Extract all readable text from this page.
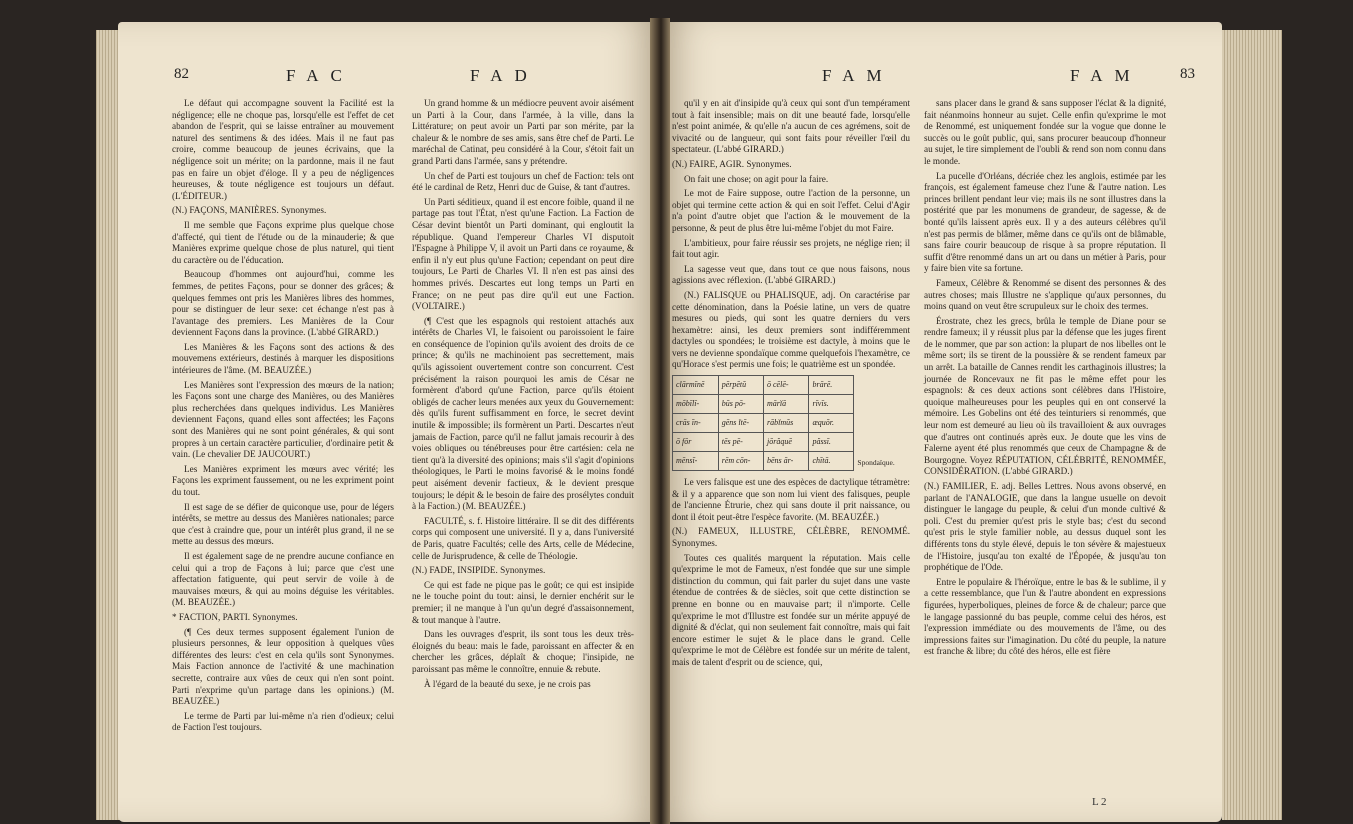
82	FAC	FAD

Le défaut qui accompagne souvent la Facilité est la négligence; elle ne choque pas, lorsqu'elle est l'effet de cet abandon de l'esprit, qui se laisse entraîner au mouvement naturel des sentimens & des idées. Mais il ne faut pas croire, comme beaucoup de jeunes écrivains, que la négligence soit un mérite; on la pardonne, mais il ne faut pas en faire un objet d'éloge. Il y a peu de négligences heureuses, & toute négligence est toujours un défaut. (L'ÉDITEUR.)

(N.) FAÇONS, MANIÈRES. Synonymes.

Il me semble que Façons exprime plus quelque chose d'affecté, qui tient de l'étude ou de la minauderie; & que Manières exprime quelque chose de plus naturel, qui tient du caractère ou de l'éducation.

Beaucoup d'hommes ont aujourd'hui, comme les femmes, de petites Façons, pour se donner des grâces; & quelques femmes ont pris les Manières libres des hommes, pour se distinguer de leur sexe: cet échange n'est pas à l'avantage des premiers. Les Manières de la Cour deviennent Façons dans la province. (L'abbé GIRARD.)

Les Manières & les Façons sont des actions & des mouvemens extérieurs, destinés à marquer les dispositions intérieures de l'âme. (M. BEAUZÉE.)

Les Manières sont l'expression des mœurs de la nation; les Façons sont une charge des Manières, ou des Manières plus recherchées dans quelques individus. Les Manières deviennent Façons, quand elles sont affectées; les Façons sont des Manières qui ne sont point générales, & qui sont propres à un certain caractère particulier, d'ordinaire petit & vain. (Le chevalier DE JAUCOURT.)

Les Manières expriment les mœurs avec vérité; les Façons les expriment faussement, ou ne les expriment point du tout.

Il est sage de se défier de quiconque use, pour de légers intérêts, se mettre au dessus des Manières nationales; parce que c'est à craindre que, pour un intérêt plus grand, il ne se mette au dessus des mœurs.

Il est également sage de ne prendre aucune confiance en celui qui a trop de Façons à lui; parce que c'est une affectation fatiguente, qui peut servir de voile à de mauvaises mœurs, & qui au moins déguise les véritables. (M. BEAUZÉE.)

* FACTION, PARTI. Synonymes.

(¶ Ces deux termes supposent également l'union de plusieurs personnes, & leur opposition à quelques vûes différentes des leurs: c'est en cela qu'ils sont Synonymes. Mais Faction annonce de l'activité & une machination secrette, contraire aux vûes de ceux qui n'en sont point. Parti n'exprime qu'un partage dans les opinions.) (M. BEAUZÉE.)

Le terme de Parti par lui-même n'a rien d'odieux; celui de Faction l'est toujours.

Un grand homme & un médiocre peuvent avoir aisément un Parti à la Cour, dans l'armée, à la ville, dans la Littérature; on peut avoir un Parti par son mérite, par la chaleur & le nombre de ses amis, sans être chef de Parti. Le maréchal de Catinat, peu considéré à la Cour, s'étoit fait un grand Parti dans l'armée, sans y prétendre.

Un chef de Parti est toujours un chef de Faction: tels ont été le cardinal de Retz, Henri duc de Guise, & tant d'autres.

Un Parti séditieux, quand il est encore foible, quand il ne partage pas tout l'État, n'est qu'une Faction. La Faction de César devint bientôt un Parti dominant, qui engloutit la république. Quand l'empereur Charles VI disputoit l'Espagne à Philippe V, il avoit un Parti dans ce royaume, & enfin il n'y eut plus qu'une Faction; cependant on peut dire toujours, Le Parti de Charles VI. Il n'en est pas ainsi des hommes privés. Descartes eut long temps un Parti en France; on ne peut pas dire qu'il eut une Faction. (VOLTAIRE.)

(¶ C'est que les espagnols qui restoient attachés aux intérêts de Charles VI, le faisoient ou paroissoient le faire en conséquence de l'opinion qu'ils avoient des droits de ce prince; & qu'ils ne machinoient pas secrettement, mais qu'ils agissoient ouvertement contre son concurrent. C'est précisément la raison pourquoi les amis de César ne formèrent d'abord qu'une Faction, parce qu'ils étoient obligés de cacher leurs menées aux yeux du Gouvernement: dès qu'ils furent suffisamment en force, le secret devint inutile & impossible; ils formèrent un Parti. Descartes n'eut jamais de Faction, parce qu'il ne fallut jamais recourir à des voies obliques ou ténébreuses pour être cartésien: cela ne tient qu'à la diversité des opinions; mais s'il s'agit d'opinions théologiques, le Parti le moins favorisé & le moins fondé peut aisément devenir factieux, & le devient presque toujours; le dépit & le besoin de faire des prosélytes conduit à la Faction.) (M. BEAUZÉE.)

FACULTÉ, s. f. Histoire littéraire. Il se dit des différents corps qui composent une université. Il y a, dans l'université de Paris, quatre Facultés; celle des Arts, celle de Médecine, celle de Jurisprudence, & celle de Théologie.

(N.) FADE, INSIPIDE. Synonymes.

Ce qui est fade ne pique pas le goût; ce qui est insipide ne le touche point du tout: ainsi, le dernier enchérit sur le premier; il ne manque à l'un qu'un degré d'assaisonnement, & tout manque à l'autre.

Dans les ouvrages d'esprit, ils sont tous les deux très-éloignés du beau: mais le fade, paroissant en affecter & en chercher les grâces, déplaît & choque; l'insipide, ne paroissant pas même le connoître, ennuie & rebute.

À l'égard de la beauté du sexe, je ne crois pas

FAM	FAM	83

qu'il y en ait d'insipide qu'à ceux qui sont d'un tempérament tout à fait insensible; mais on dit une beauté fade, lorsqu'elle n'est point animée, & qu'elle n'a aucun de ces agrémens, soit de vivacité ou de langueur, qui sont faits pour réveiller l'œil du spectateur. (L'abbé GIRARD.)

(N.) FAIRE, AGIR. Synonymes.

On fait une chose; on agit pour la faire.

Le mot de Faire suppose, outre l'action de la personne, un objet qui termine cette action & qui en soit l'effet. Celui d'Agir n'a point d'autre objet que l'action & le mouvement de la personne, & peut de plus être lui-même l'objet du mot Faire.

L'ambitieux, pour faire réussir ses projets, ne néglige rien; il fait tout agir.

La sagesse veut que, dans tout ce que nous faisons, nous agissions avec réflexion. (L'abbé GIRARD.)

(N.) FALISQUE ou PHALISQUE, adj. On caractérise par cette dénomination, dans la Poésie latine, un vers de quatre mesures ou pieds, qui sont les quatre derniers du vers hexamètre: ainsi, les deux premiers sont indifféremment dactyles ou spondées; le troisième est dactyle, à moins que le vers ne devienne spondaïque comme quelquefois l'hexamètre, ce qu'Horace s'est permis une fois; le quatrième est un spondée.

clārmīnē	pērpētŭ	ō cēlē-	brārē.	
mōbīlī-	būs pō-	mārĭā	rīvīs.	
crās īn-	gēns ĭtē-	rābĭmŭs	æquŏr.	
ō fōr	tēs pē-	jōrăquē	păssī.	
mēnsī-	rēm cōn-	bēns ār-	chītā.	Spondaïque.

Le vers falisque est une des espèces de dactylique tétramètre: & il y a apparence que son nom lui vient des falisques, peuple de l'ancienne Étrurie, chez qui sans doute il prit naissance, ou dont il étoit peut-être l'espèce favorite. (M. BEAUZÉE.)

(N.) FAMEUX, ILLUSTRE, CÉLÈBRE, RENOMMÉ. Synonymes.

Toutes ces qualités marquent la réputation. Mais celle qu'exprime le mot de Fameux, n'est fondée que sur une simple distinction du commun, qui fait parler du sujet dans une vaste étendue de contrées & de siècles, soit que cette distinction se prenne en bonne ou en mauvaise part; il n'importe. Celle qu'exprime le mot d'Illustre est fondée sur un mérite appuyé de dignité & d'éclat, qui non seulement fait connoître, mais qui fait encore estimer le sujet & le place dans le grand. Celle qu'exprime le mot de Célèbre est fondée sur un mérite de talent, mais de talent d'esprit ou de science, qui,

sans placer dans le grand & sans supposer l'éclat & la dignité, fait néanmoins honneur au sujet. Celle enfin qu'exprime le mot de Renommé, est uniquement fondée sur la vogue que donne le succès ou le goût public, qui, sans procurer beaucoup d'honneur au sujet, le tire simplement de l'oubli & rend son nom connu dans le monde.

La pucelle d'Orléans, décriée chez les anglois, estimée par les françois, est également fameuse chez l'une & l'autre nation. Les princes brillent pendant leur vie; mais ils ne sont illustres dans la postérité que par les monumens de grandeur, de sagesse, & de bonté qu'ils laissent après eux. Il y a des auteurs célèbres qu'il n'est pas permis de blâmer, même dans ce qu'ils ont de blâmable, sans faire courir beaucoup de risque à sa propre réputation. Il suffit d'être renommé dans un art ou dans un métier à Paris, pour y faire bien vite sa fortune.

Fameux, Célèbre & Renommé se disent des personnes & des autres choses; mais Illustre ne s'applique qu'aux personnes, du moins quand on veut être scrupuleux sur le choix des termes.

Érostrate, chez les grecs, brûla le temple de Diane pour se rendre fameux; il y réussit plus par la défense que les juges firent de le nommer, que par son action: la plupart de nos libelles ont le même sort; ils se tirent de la poussière & se rendent fameux par un arrêt. La bataille de Cannes rendit les carthaginois illustres; la journée de Roncevaux ne fit pas le même effet pour les espagnols: & ces deux actions sont célèbres dans l'Histoire, quoique malheureuses pour les peuples qui en ont conservé la mémoire. Les Gobelins ont été des teinturiers si renommés, que leur nom est demeuré au lieu où ils travailloient & aux ouvrages que d'autres ont continués après eux. Je doute que les vins de Falerne ayent été plus renommés que ceux de Champagne & de Bourgogne. Voyez RÉPUTATION, CÉLÉBRITÉ, RENOMMÉE, CONSIDÉRATION. (L'abbé GIRARD.)

(N.) FAMILIER, E. adj. Belles Lettres. Nous avons observé, en parlant de l'ANALOGIE, que dans la langue usuelle on devoit distinguer le langage du peuple, & celui d'un monde cultivé & poli. C'est du premier qu'est pris le style bas; c'est du second qu'est pris le style familier noble, au dessus duquel sont les différents tons du style élevé, depuis le ton sévère & majestueux de l'Histoire, jusqu'au ton exalté de l'Épopée, & jusqu'au ton prophétique de l'Ode.

Entre le populaire & l'héroïque, entre le bas & le sublime, il y a cette ressemblance, que l'un & l'autre abondent en expressions figurées, hyperboliques, pleines de force & de chaleur; parce que le langage passionné du bas peuple, comme celui des héros, est l'expression immédiate ou des mouvements de l'âme, ou des impressions faites sur l'imagination. Du côté du peuple, la nature est franche & libre; du côté des héros, elle est fière

L 2
